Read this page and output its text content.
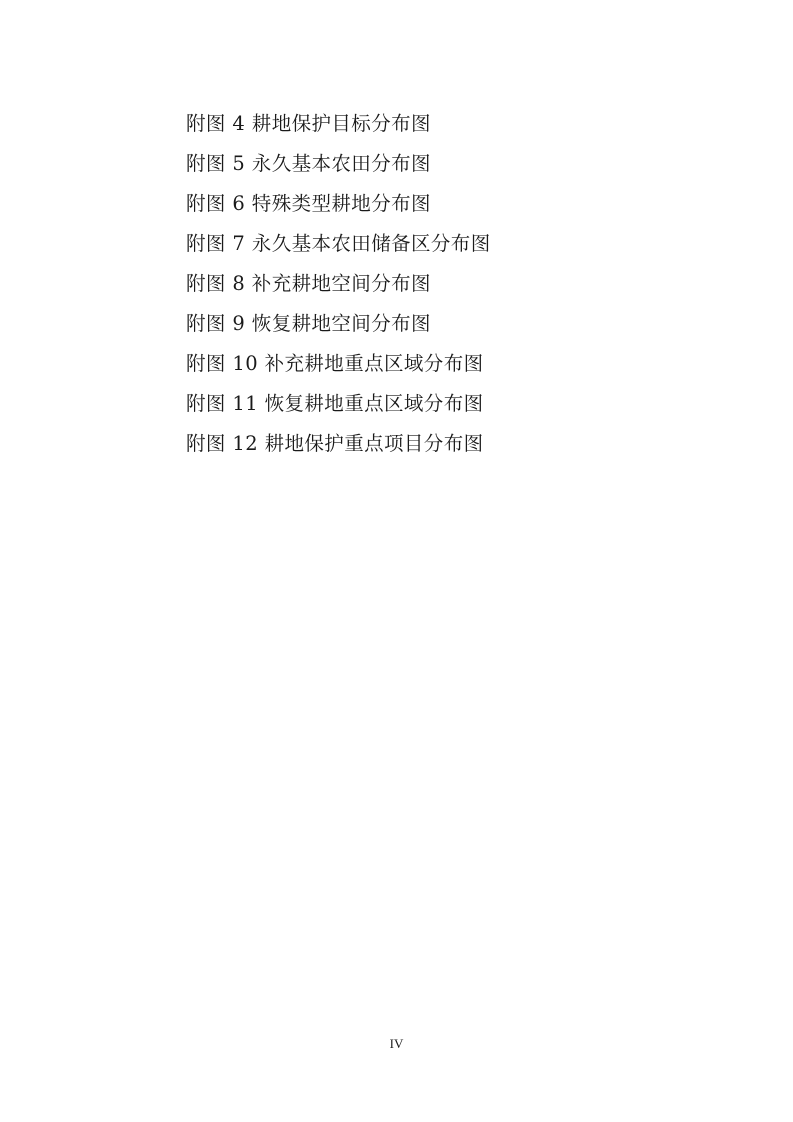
附图 4 耕地保护目标分布图
附图 5 永久基本农田分布图
附图 6 特殊类型耕地分布图
附图 7 永久基本农田储备区分布图
附图 8 补充耕地空间分布图
附图 9 恢复耕地空间分布图
附图 10 补充耕地重点区域分布图
附图 11 恢复耕地重点区域分布图
附图 12 耕地保护重点项目分布图
IV
